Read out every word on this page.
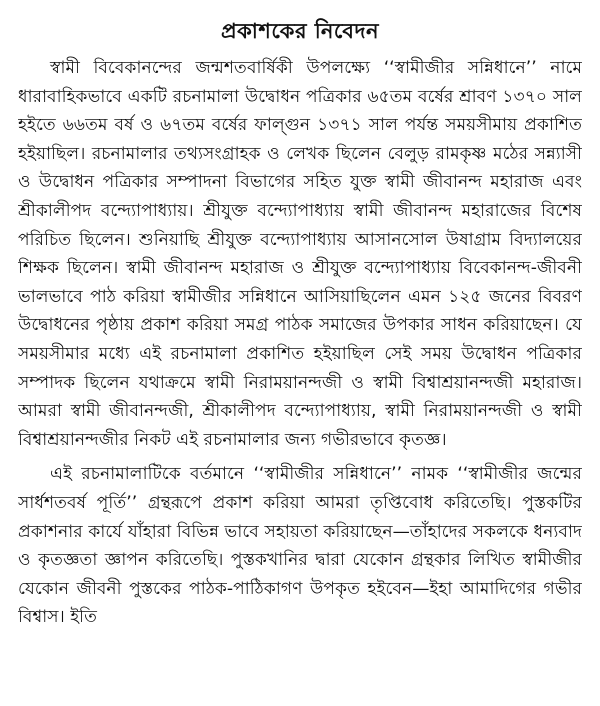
প্রকাশকের নিবেদন

স্বামী বিবেকানন্দের জন্মশতবার্ষিকী উপলক্ষ্যে ‘‘স্বামীজীর সন্নিধানে’’ নামে ধারাবাহিকভাবে একটি রচনামালা উদ্বোধন পত্রিকার ৬৫তম বর্ষের শ্রাবণ ১৩৭০ সাল হইতে ৬৬তম বর্ষ ও ৬৭তম বর্ষের ফাল্গুন ১৩৭১ সাল পর্যন্ত সময়সীমায় প্রকাশিত হইয়াছিল। রচনামালার তথ্যসংগ্রাহক ও লেখক ছিলেন বেলুড় রামকৃষ্ণ মঠের সন্ন্যাসী ও উদ্বোধন পত্রিকার সম্পাদনা বিভাগের সহিত যুক্ত স্বামী জীবানন্দ মহারাজ এবং শ্রীকালীপদ বন্দ্যোপাধ্যায়। শ্রীযুক্ত বন্দ্যোপাধ্যায় স্বামী জীবানন্দ মহারাজের বিশেষ পরিচিত ছিলেন। শুনিয়াছি শ্রীযুক্ত বন্দ্যোপাধ্যায় আসানসোল উষাগ্রাম বিদ্যালয়ের শিক্ষক ছিলেন। স্বামী জীবানন্দ মহারাজ ও শ্রীযুক্ত বন্দ্যোপাধ্যায় বিবেকানন্দ-জীবনী ভালভাবে পাঠ করিয়া স্বামীজীর সন্নিধানে আসিয়াছিলেন এমন ১২৫ জনের বিবরণ উদ্বোধনের পৃষ্ঠায় প্রকাশ করিয়া সমগ্র পাঠক সমাজের উপকার সাধন করিয়াছেন। যে সময়সীমার মধ্যে এই রচনামালা প্রকাশিত হইয়াছিল সেই সময় উদ্বোধন পত্রিকার সম্পাদক ছিলেন যথাক্রমে স্বামী নিরাময়ানন্দজী ও স্বামী বিশ্বাশ্রয়ানন্দজী মহারাজ। আমরা স্বামী জীবানন্দজী, শ্রীকালীপদ বন্দ্যোপাধ্যায়, স্বামী নিরাময়ানন্দজী ও স্বামী বিশ্বাশ্রয়ানন্দজীর নিকট এই রচনামালার জন্য গভীরভাবে কৃতজ্ঞ।

এই রচনামালাটিকে বর্তমানে ‘‘স্বামীজীর সন্নিধানে’’ নামক ‘‘স্বামীজীর জন্মের সার্ধশতবর্ষ পূর্তি’’ গ্রন্থরূপে প্রকাশ করিয়া আমরা তৃপ্তিবোধ করিতেছি। পুস্তকটির প্রকাশনার কার্যে যাঁহারা বিভিন্ন ভাবে সহায়তা করিয়াছেন—তাঁহাদের সকলকে ধন্যবাদ ও কৃতজ্ঞতা জ্ঞাপন করিতেছি। পুস্তকখানির দ্বারা যেকোন গ্রন্থকার লিখিত স্বামীজীর যেকোন জীবনী পুস্তকের পাঠক-পাঠিকাগণ উপকৃত হইবেন—ইহা আমাদিগের গভীর বিশ্বাস। ইতি
